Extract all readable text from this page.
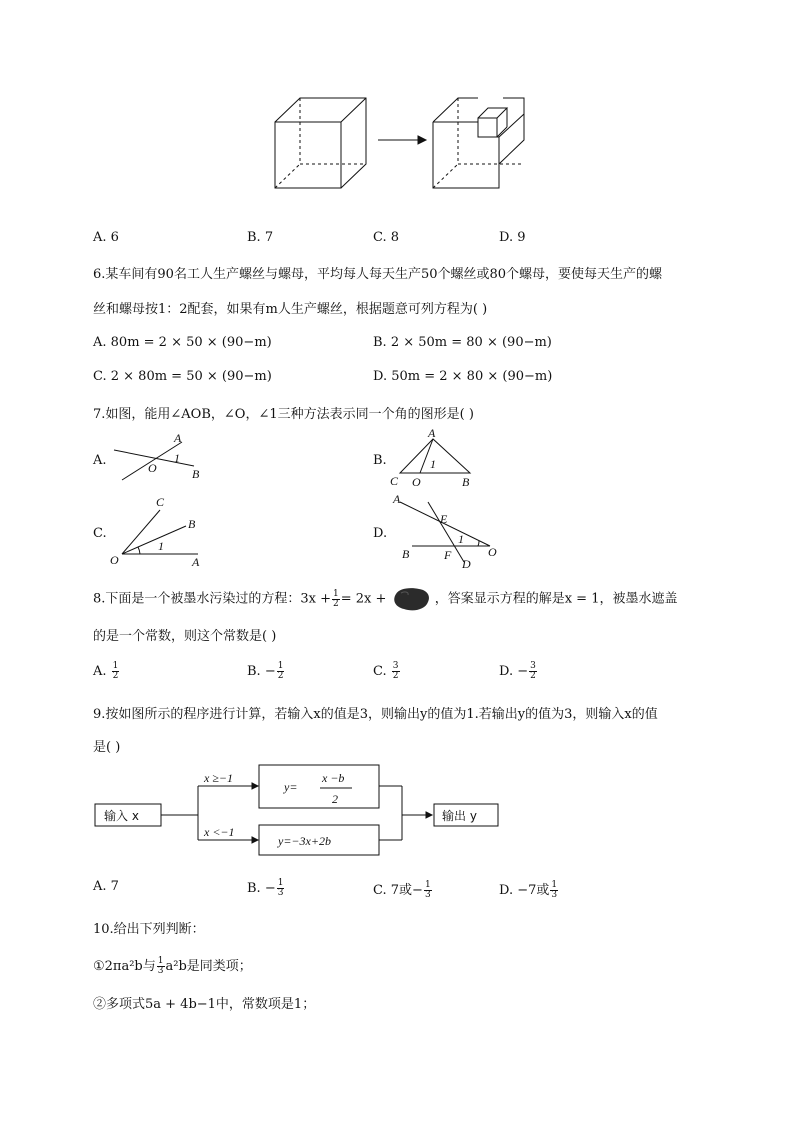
A. 6	B. 7	C. 8	D. 9
6.某车间有90名工人生产螺丝与螺母，平均每人每天生产50个螺丝或80个螺母，要使每天生产的螺
丝和螺母按1：2配套，如果有m人生产螺丝，根据题意可列方程为( )
A. 80m = 2 × 50 × (90−m)	B. 2 × 50m = 80 × (90−m)
C. 2 × 80m = 50 × (90−m)	D. 50m = 2 × 80 × (90−m)
7.如图，能用∠AOB，∠O，∠1三种方法表示同一个角的图形是( )
A.	B.
C.	D.
A
O
1
B
A
1
C O	B
C
B
1
O	A
A
E
1
B	F	O
D
8.下面是一个被墨水污染过的方程：$3x + \frac{1}{2} = 2x$ +	，答案显示方程的解是x = 1，被墨水遮盖
的是一个常数，则这个常数是( )
A. $\frac{1}{2}$	B. − $\frac{1}{2}$	C. $\frac{3}{2}$	D. − $\frac{3}{2}$
9.按如图所示的程序进行计算，若输入x的值是3，则输出y的值为1.若输出y的值为3，则输入x的值
是( )
输入 x	输出 y
x ≥−1
x <−1
y=
x −b
2
y=−3x+2b
A. 7	B. − $\frac{1}{3}$	C. 7或− $\frac{1}{3}$	D. −7或 $\frac{1}{3}$
10.给出下列判断：
①2πa²b与 $\frac{1}{3} a^2b$是同类项；
②多项式5a + 4b−1中，常数项是1；
